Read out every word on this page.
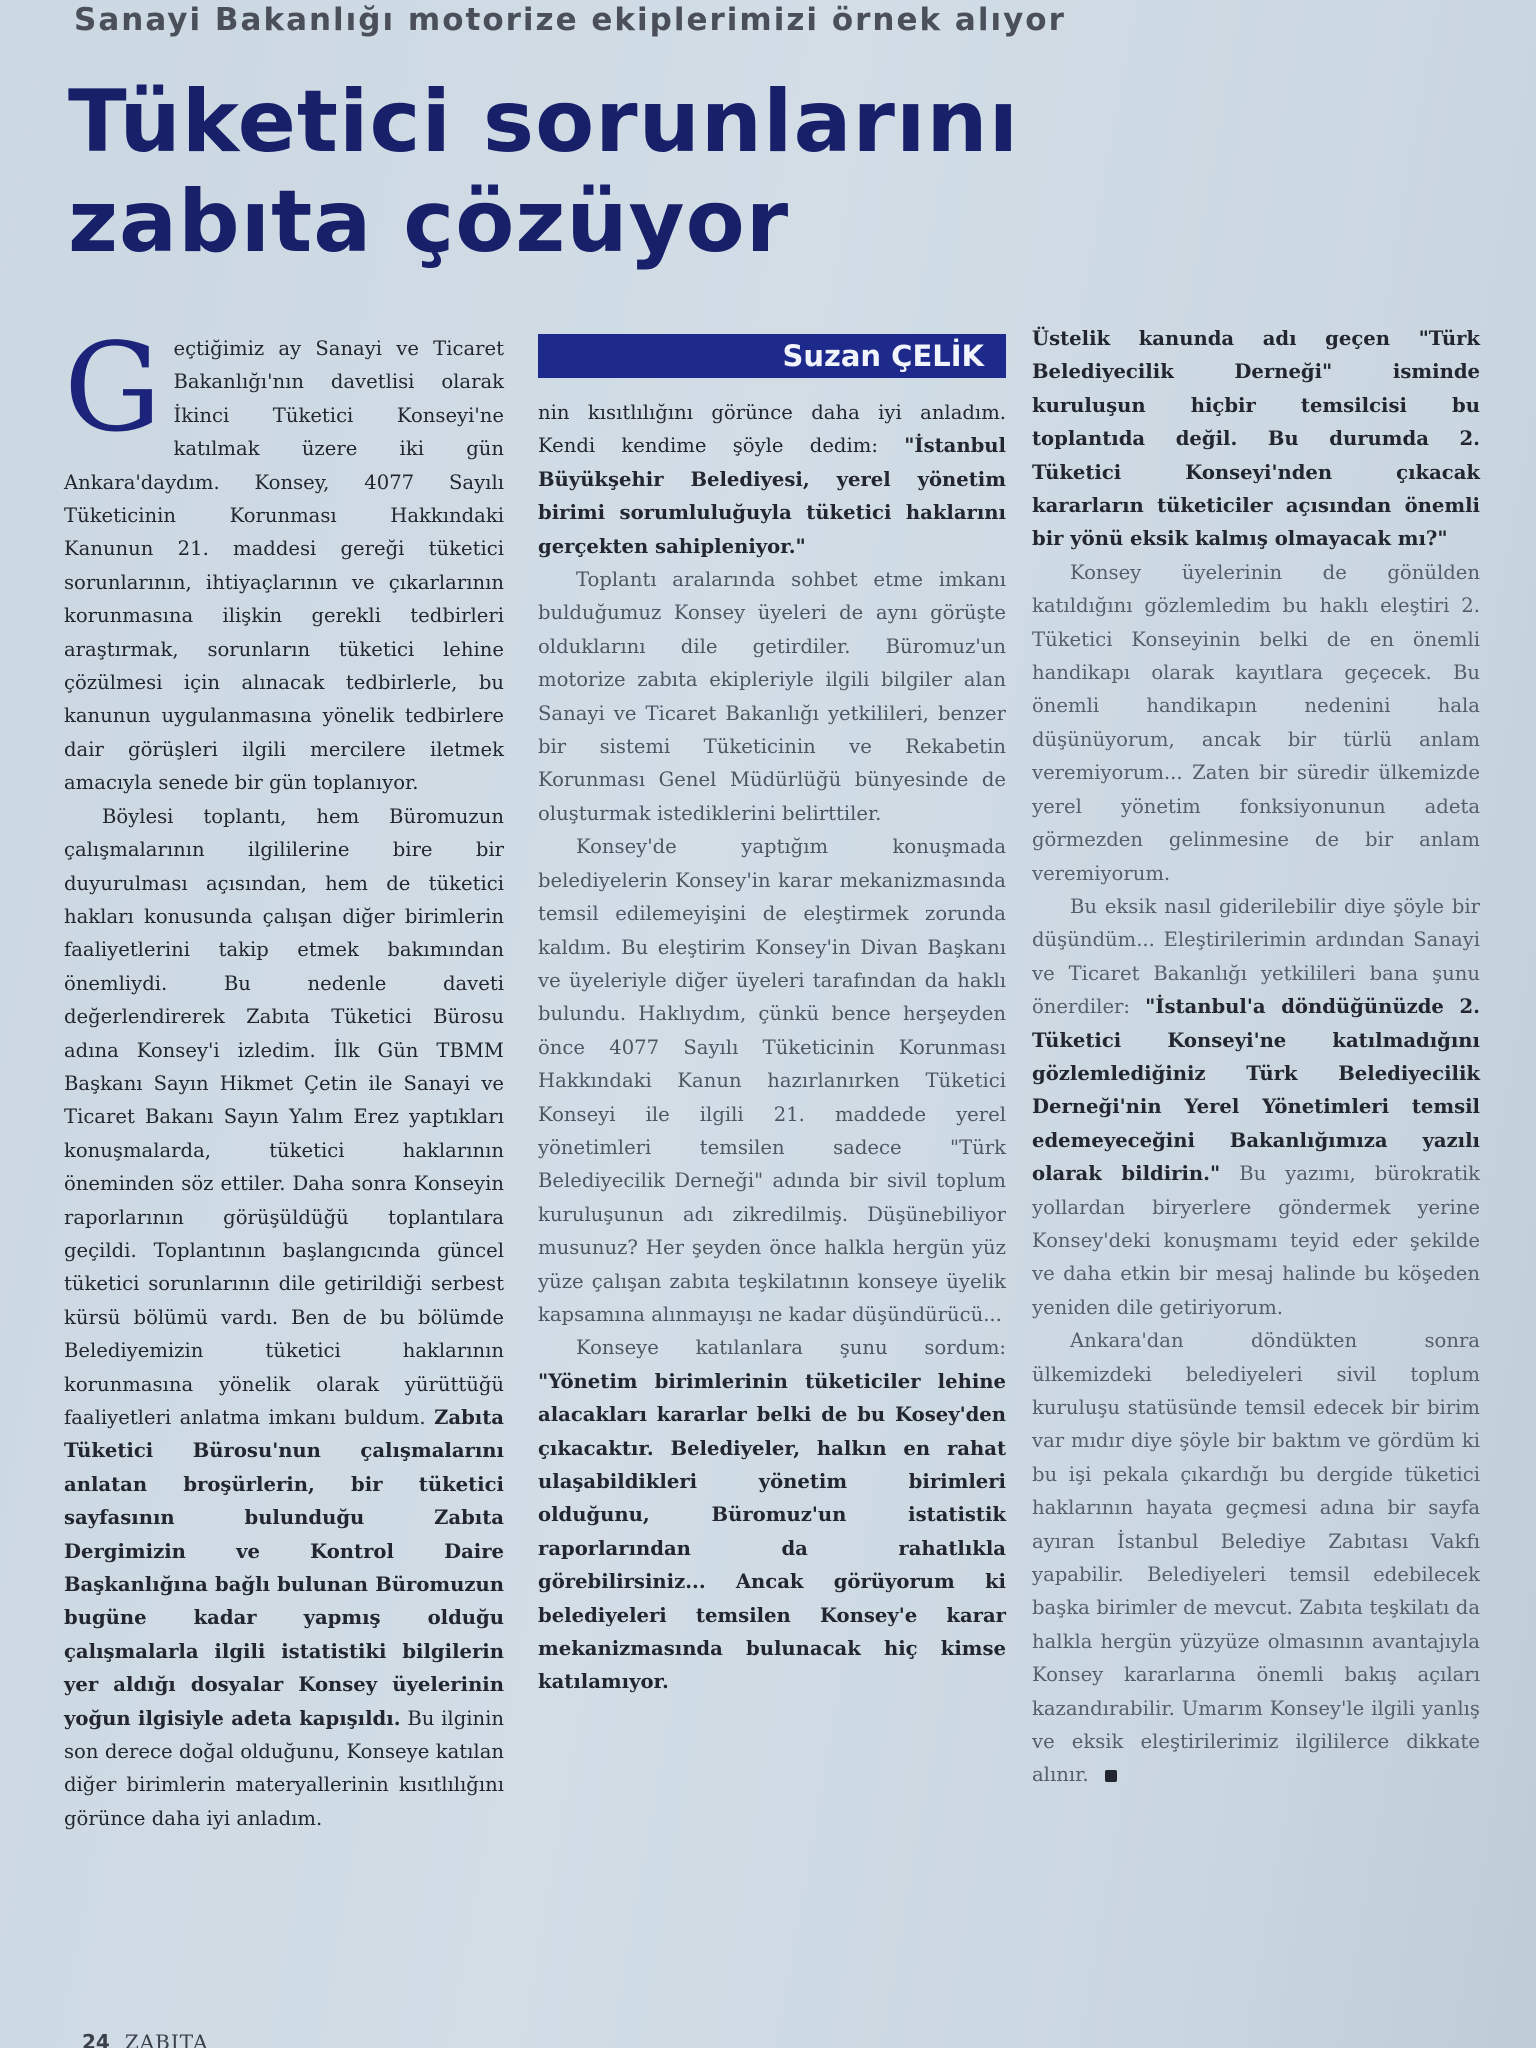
Sanayi Bakanlığı motorize ekiplerimizi örnek alıyor
Tüketici sorunlarını
zabıta çözüyor

G eçtiğimiz ay Sanayi ve Ticaret Bakanlığı'nın davetlisi olarak İkinci Tüketici Konseyi'ne katılmak üzere iki gün Ankara'daydım. Konsey, 4077 Sayılı Tüketicinin Korunması Hakkındaki Kanunun 21. maddesi gereği tüketici sorunlarının, ihtiyaçlarının ve çıkarlarının korunmasına ilişkin gerekli tedbirleri araştırmak, sorunların tüketici lehine çözülmesi için alınacak tedbirlerle, bu kanunun uygulanmasına yönelik tedbirlere dair görüşleri ilgili mercilere iletmek amacıyla senede bir gün toplanıyor.

Böylesi toplantı, hem Büromuzun çalışmalarının ilgililerine bire bir duyurulması açısından, hem de tüketici hakları konusunda çalışan diğer birimlerin faaliyetlerini takip etmek bakımından önemliydi. Bu nedenle daveti değerlendirerek Zabıta Tüketici Bürosu adına Konsey'i izledim. İlk Gün TBMM Başkanı Sayın Hikmet Çetin ile Sanayi ve Ticaret Bakanı Sayın Yalım Erez yaptıkları konuşmalarda, tüketici haklarının öneminden söz ettiler. Daha sonra Konseyin raporlarının görüşüldüğü toplantılara geçildi. Toplantının başlangıcında güncel tüketici sorunlarının dile getirildiği serbest kürsü bölümü vardı. Ben de bu bölümde Belediyemizin tüketici haklarının korunmasına yönelik olarak yürüttüğü faaliyetleri anlatma imkanı buldum. Zabıta Tüketici Bürosu'nun çalışmalarını anlatan broşürlerin, bir tüketici sayfasının bulunduğu Zabıta Dergimizin ve Kontrol Daire Başkanlığına bağlı bulunan Büromuzun bugüne kadar yapmış olduğu çalışmalarla ilgili istatistiki bilgilerin yer aldığı dosyalar Konsey üyelerinin yoğun ilgisiyle adeta kapışıldı. Bu ilginin son derece doğal olduğunu, Konseye katılan diğer birimlerin materyallerinin kısıtlılığını görünce daha iyi anladım.

Suzan ÇELİK

nin kısıtlılığını görünce daha iyi anladım. Kendi kendime şöyle dedim: "İstanbul Büyükşehir Belediyesi, yerel yönetim birimi sorumluluğuyla tüketici haklarını gerçekten sahipleniyor."

Toplantı aralarında sohbet etme imkanı bulduğumuz Konsey üyeleri de aynı görüşte olduklarını dile getirdiler. Büromuz'un motorize zabıta ekipleriyle ilgili bilgiler alan Sanayi ve Ticaret Bakanlığı yetkilileri, benzer bir sistemi Tüketicinin ve Rekabetin Korunması Genel Müdürlüğü bünyesinde de oluşturmak istediklerini belirttiler.

Konsey'de yaptığım konuşmada belediyelerin Konsey'in karar mekanizmasında temsil edilemeyişini de eleştirmek zorunda kaldım. Bu eleştirim Konsey'in Divan Başkanı ve üyeleriyle diğer üyeleri tarafından da haklı bulundu. Haklıydım, çünkü bence herşeyden önce 4077 Sayılı Tüketicinin Korunması Hakkındaki Kanun hazırlanırken Tüketici Konseyi ile ilgili 21. maddede yerel yönetimleri temsilen sadece "Türk Belediyecilik Derneği" adında bir sivil toplum kuruluşunun adı zikredilmiş. Düşünebiliyor musunuz? Her şeyden önce halkla hergün yüz yüze çalışan zabıta teşkilatının konseye üyelik kapsamına alınmayışı ne kadar düşündürücü...

Konseye katılanlara şunu sordum: "Yönetim birimlerinin tüketiciler lehine alacakları kararlar belki de bu Kosey'den çıkacaktır. Belediyeler, halkın en rahat ulaşabildikleri yönetim birimleri olduğunu, Büromuz'un istatistik raporlarından da rahatlıkla görebilirsiniz... Ancak görüyorum ki belediyeleri temsilen Konsey'e karar mekanizmasında bulunacak hiç kimse katılamıyor.

Üstelik kanunda adı geçen "Türk Belediyecilik Derneği" isminde kuruluşun hiçbir temsilcisi bu toplantıda değil. Bu durumda 2. Tüketici Konseyi'nden çıkacak kararların tüketiciler açısından önemli bir yönü eksik kalmış olmayacak mı?"

Konsey üyelerinin de gönülden katıldığını gözlemledim bu haklı eleştiri 2. Tüketici Konseyinin belki de en önemli handikapı olarak kayıtlara geçecek. Bu önemli handikapın nedenini hala düşünüyorum, ancak bir türlü anlam veremiyorum... Zaten bir süredir ülkemizde yerel yönetim fonksiyonunun adeta görmezden gelinmesine de bir anlam veremiyorum.

Bu eksik nasıl giderilebilir diye şöyle bir düşündüm... Eleştirilerimin ardından Sanayi ve Ticaret Bakanlığı yetkilileri bana şunu önerdiler: "İstanbul'a döndüğünüzde 2. Tüketici Konseyi'ne katılmadığını gözlemlediğiniz Türk Belediyecilik Derneği'nin Yerel Yönetimleri temsil edemeyeceğini Bakanlığımıza yazılı olarak bildirin." Bu yazımı, bürokratik yollardan biryerlere göndermek yerine Konsey'deki konuşmamı teyid eder şekilde ve daha etkin bir mesaj halinde bu köşeden yeniden dile getiriyorum.

Ankara'dan döndükten sonra ülkemizdeki belediyeleri sivil toplum kuruluşu statüsünde temsil edecek bir birim var mıdır diye şöyle bir baktım ve gördüm ki bu işi pekala çıkardığı bu dergide tüketici haklarının hayata geçmesi adına bir sayfa ayıran İstanbul Belediye Zabıtası Vakfı yapabilir. Belediyeleri temsil edebilecek başka birimler de mevcut. Zabıta teşkilatı da halkla hergün yüzyüze olmasının avantajıyla Konsey kararlarına önemli bakış açıları kazandırabilir. Umarım Konsey'le ilgili yanlış ve eksik eleştirilerimiz ilgililerce dikkate alınır.

24 ZABITA
